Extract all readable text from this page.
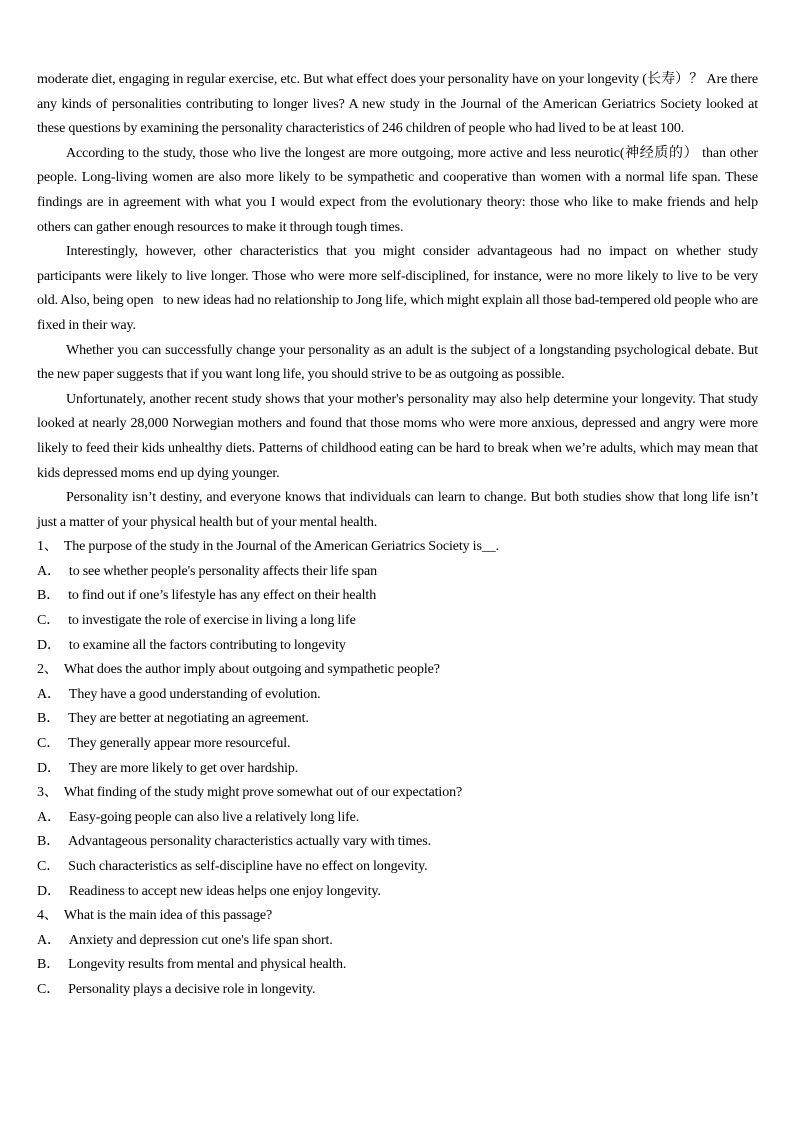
moderate diet, engaging in regular exercise, etc. But what effect does your personality have on your longevity (长寿）？ Are there any kinds of personalities contributing to longer lives? A new study in the Journal of the American Geriatrics Society looked at these questions by examining the personality characteristics of 246 children of people who had lived to be at least 100.

According to the study, those who live the longest are more outgoing, more active and less neurotic(神经质的） than other people. Long-living women are also more likely to be sympathetic and cooperative than women with a normal life span. These findings are in agreement with what you I would expect from the evolutionary theory: those who like to make friends and help others can gather enough resources to make it through tough times.

Interestingly, however, other characteristics that you might consider advantageous had no impact on whether study participants were likely to live longer. Those who were more self-disciplined, for instance, were no more likely to live to be very old. Also, being open   to new ideas had no relationship to Jong life, which might explain all those bad-tempered old people who are fixed in their way.

Whether you can successfully change your personality as an adult is the subject of a longstanding psychological debate. But the new paper suggests that if you want long life, you should strive to be as outgoing as possible.

Unfortunately, another recent study shows that your mother's personality may also help determine your longevity. That study looked at nearly 28,000 Norwegian mothers and found that those moms who were more anxious, depressed and angry were more likely to feed their kids unhealthy diets. Patterns of childhood eating can be hard to break when we’re adults, which may mean that kids depressed moms end up dying younger.

Personality isn’t destiny, and everyone knows that individuals can learn to change. But both studies show that long life isn’t just a matter of your physical health but of your mental health.

1、 The purpose of the study in the Journal of the American Geriatrics Society is__.

A． to see whether people's personality affects their life span

B． to find out if one’s lifestyle has any effect on their health

C． to investigate the role of exercise in living a long life

D． to examine all the factors contributing to longevity

2、 What does the author imply about outgoing and sympathetic people?

A． They have a good understanding of evolution.

B． They are better at negotiating an agreement.

C． They generally appear more resourceful.

D． They are more likely to get over hardship.

3、 What finding of the study might prove somewhat out of our expectation?

A． Easy-going people can also live a relatively long life.

B． Advantageous personality characteristics actually vary with times.

C． Such characteristics as self-discipline have no effect on longevity.

D． Readiness to accept new ideas helps one enjoy longevity.

4、 What is the main idea of this passage?

A． Anxiety and depression cut one's life span short.

B． Longevity results from mental and physical health.

C． Personality plays a decisive role in longevity.
